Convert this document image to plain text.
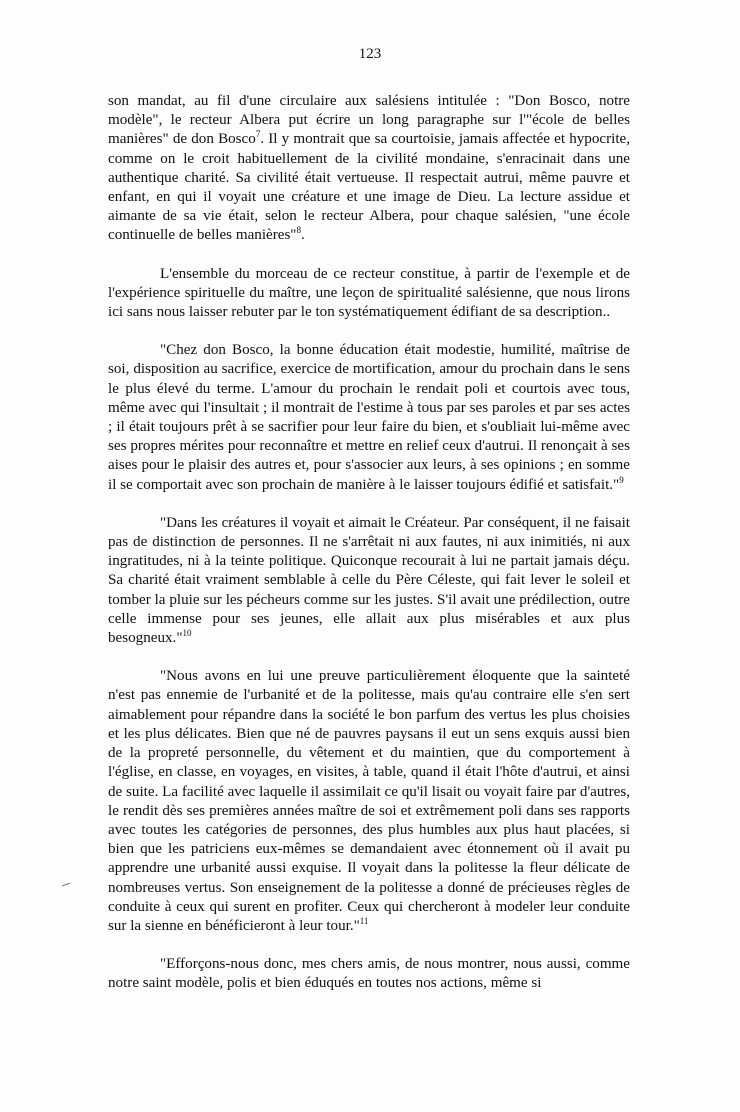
123

son mandat, au fil d'une circulaire aux salésiens intitulée : "Don Bosco, notre modèle", le recteur Albera put écrire un long paragraphe sur l'"école de belles manières" de don Bosco$^7$. Il y montrait que sa courtoisie, jamais affectée et hypocrite, comme on le croit habituellement de la civilité mondaine, s'enracinait dans une authentique charité. Sa civilité était vertueuse. Il respectait autrui, même pauvre et enfant, en qui il voyait une créature et une image de Dieu. La lecture assidue et aimante de sa vie était, selon le recteur Albera, pour chaque salésien, "une école continuelle de belles manières"$^8$.

L'ensemble du morceau de ce recteur constitue, à partir de l'exemple et de l'expérience spirituelle du maître, une leçon de spiritualité salésienne, que nous lirons ici sans nous laisser rebuter par le ton systématiquement édifiant de sa description..

"Chez don Bosco, la bonne éducation était modestie, humilité, maîtrise de soi, disposition au sacrifice, exercice de mortification, amour du prochain dans le sens le plus élevé du terme. L'amour du prochain le rendait poli et courtois avec tous, même avec qui l'insultait ; il montrait de l'estime à tous par ses paroles et par ses actes ; il était toujours prêt à se sacrifier pour leur faire du bien, et s'oubliait lui-même avec ses propres mérites pour reconnaître et mettre en relief ceux d'autrui. Il renonçait à ses aises pour le plaisir des autres et, pour s'associer aux leurs, à ses opinions ; en somme il se comportait avec son prochain de manière à le laisser toujours édifié et satisfait."$^9$

"Dans les créatures il voyait et aimait le Créateur. Par conséquent, il ne faisait pas de distinction de personnes. Il ne s'arrêtait ni aux fautes, ni aux inimitiés, ni aux ingratitudes, ni à la teinte politique. Quiconque recourait à lui ne partait jamais déçu. Sa charité était vraiment semblable à celle du Père Céleste, qui fait lever le soleil et tomber la pluie sur les pécheurs comme sur les justes. S'il avait une prédilection, outre celle immense pour ses jeunes, elle allait aux plus misérables et aux plus besogneux."$^{10}$

"Nous avons en lui une preuve particulièrement éloquente que la sainteté n'est pas ennemie de l'urbanité et de la politesse, mais qu'au contraire elle s'en sert aimablement pour répandre dans la société le bon parfum des vertus les plus choisies et les plus délicates. Bien que né de pauvres paysans il eut un sens exquis aussi bien de la propreté personnelle, du vêtement et du maintien, que du comportement à l'église, en classe, en voyages, en visites, à table, quand il était l'hôte d'autrui, et ainsi de suite. La facilité avec laquelle il assimilait ce qu'il lisait ou voyait faire par d'autres, le rendit dès ses premières années maître de soi et extrêmement poli dans ses rapports avec toutes les catégories de personnes, des plus humbles aux plus haut placées, si bien que les patriciens eux-mêmes se demandaient avec étonnement où il avait pu apprendre une urbanité aussi exquise. Il voyait dans la politesse la fleur délicate de nombreuses vertus. Son enseignement de la politesse a donné de précieuses règles de conduite à ceux qui surent en profiter. Ceux qui chercheront à modeler leur conduite sur la sienne en bénéficieront à leur tour."$^{11}$

"Efforçons-nous donc, mes chers amis, de nous montrer, nous aussi, comme notre saint modèle, polis et bien éduqués en toutes nos actions, même si
